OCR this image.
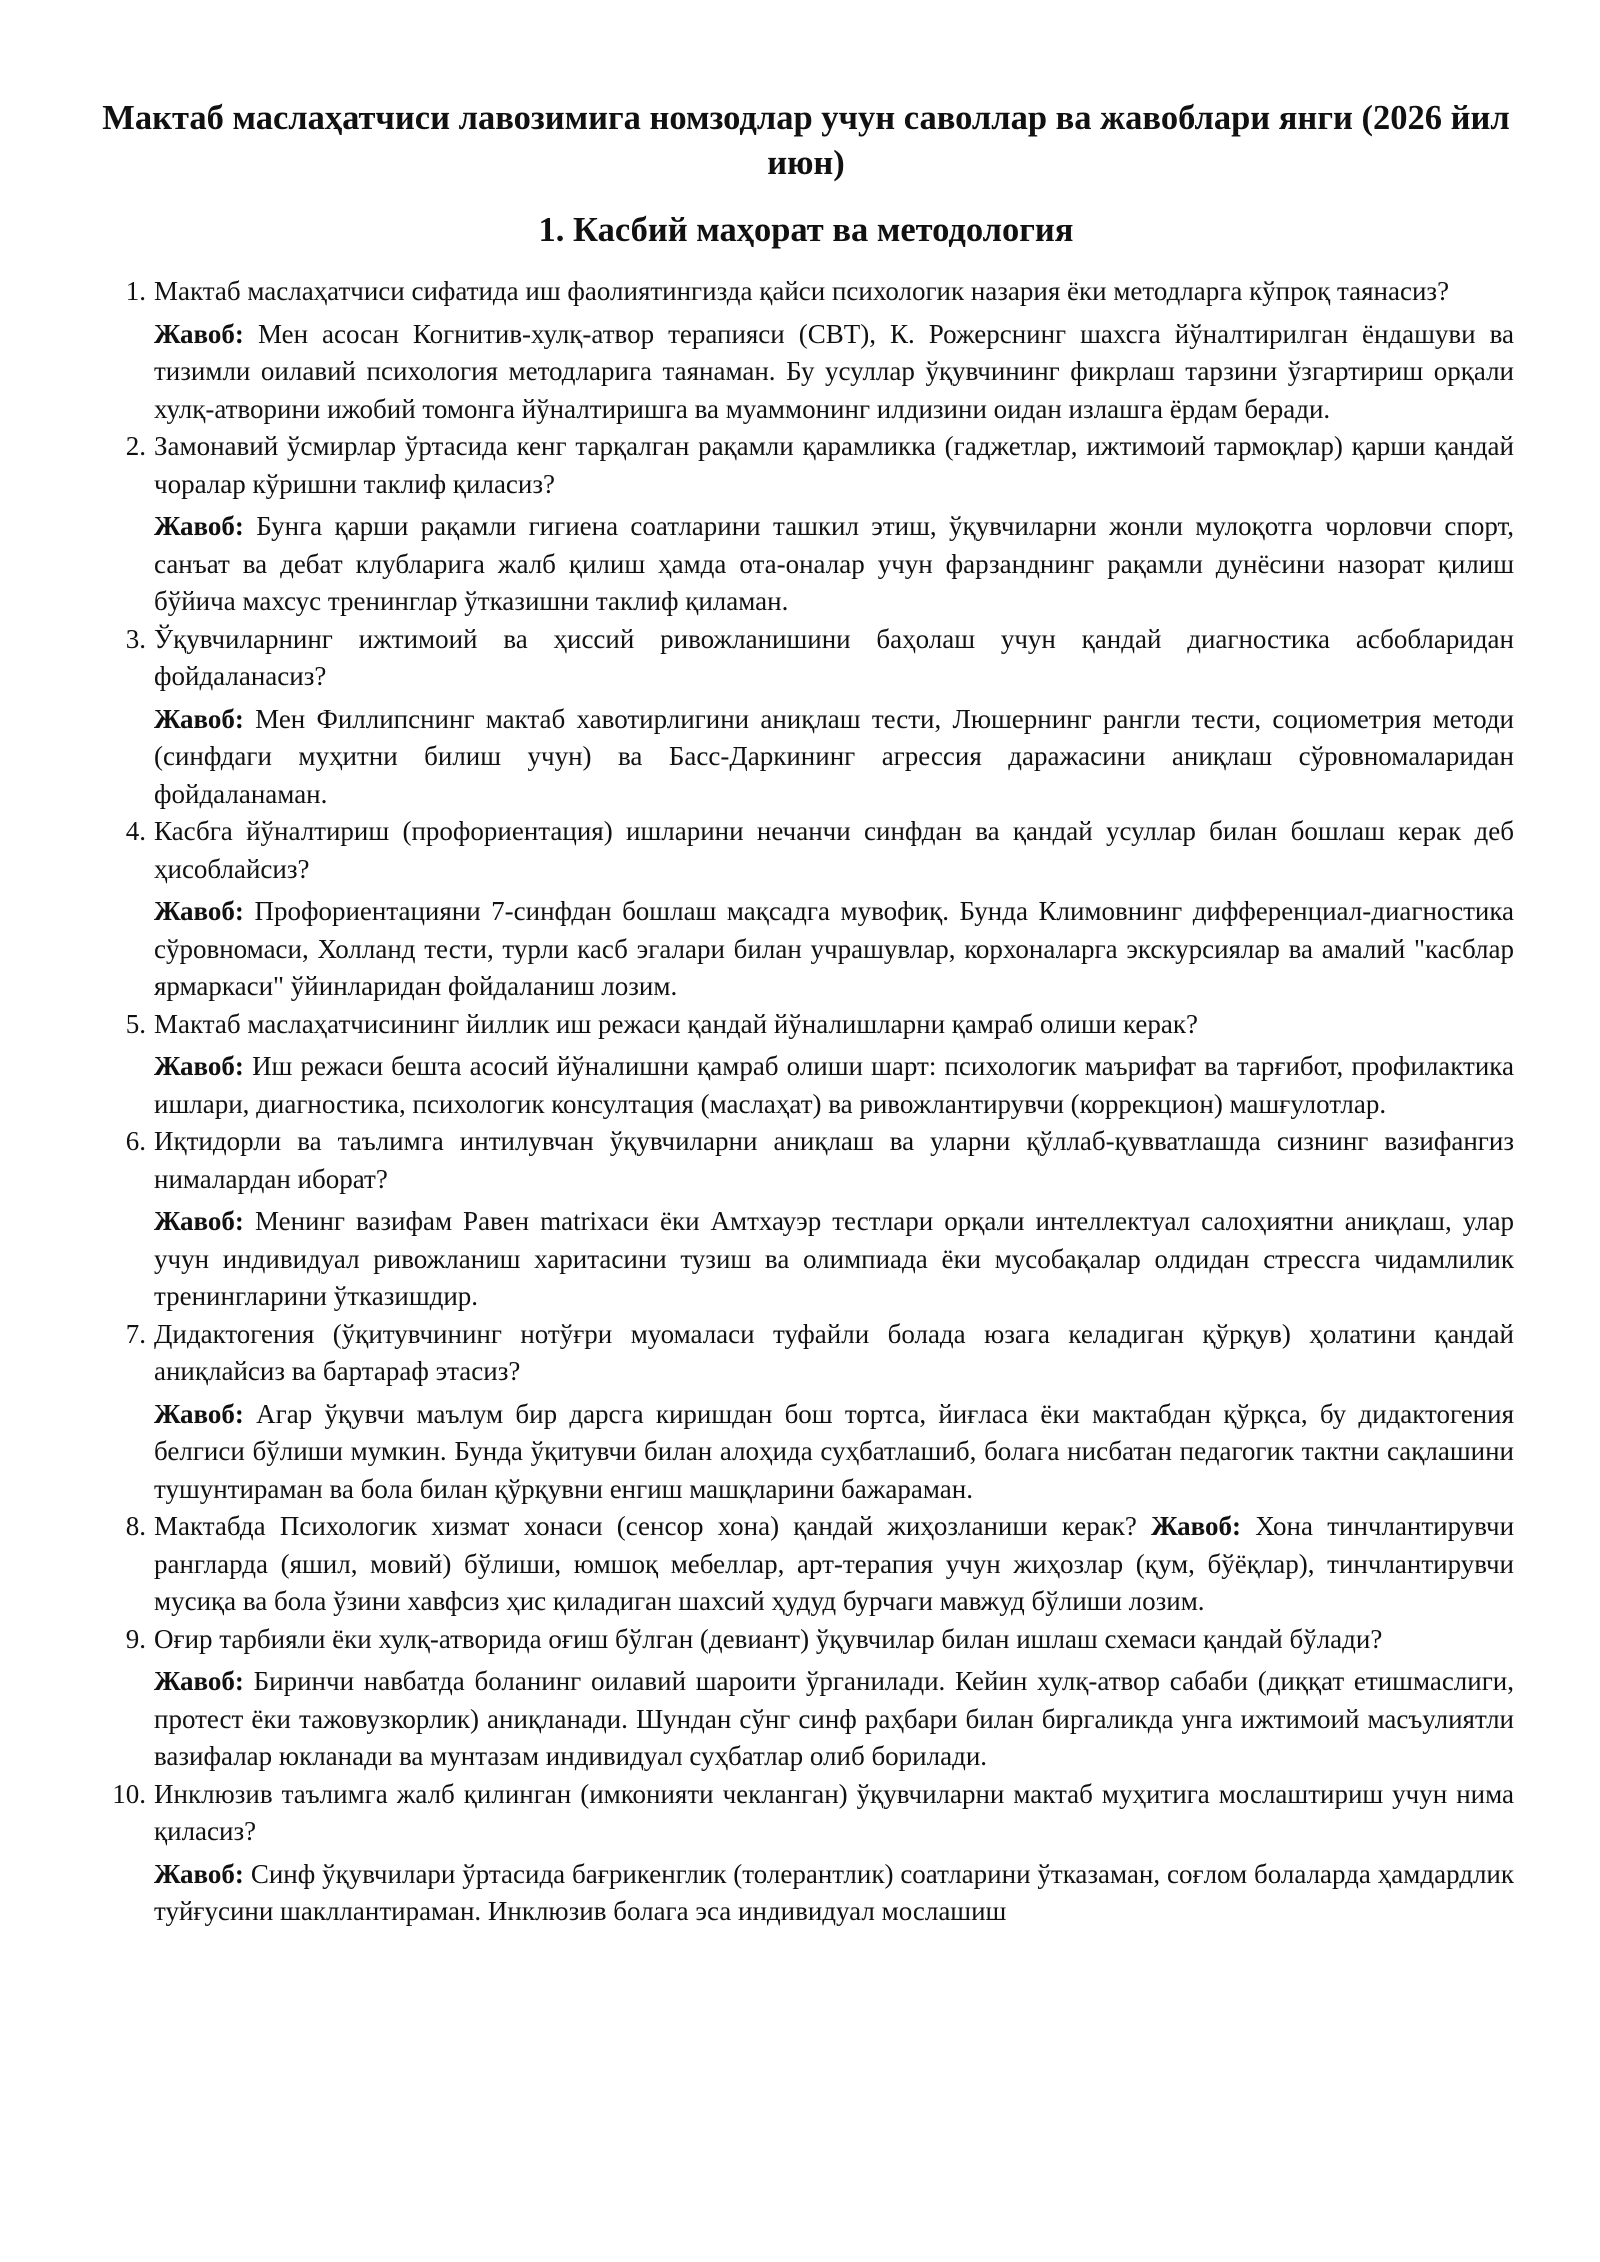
Мактаб маслаҳатчиси лавозимига номзодлар учун саволлар ва жавоблари янги (2026 йил июн)
1. Касбий маҳорат ва методология
1. Мактаб маслаҳатчиси сифатида иш фаолиятингизда қайси психологик назария ёки методларга кўпроқ таянасиз?
Жавоб: Мен асосан Когнитив-хулқ-атвор терапияси (CBT), К. Рожерснинг шахсга йўналтирилган ёндашуви ва тизимли оилавий психология методларига таянаман. Бу усуллар ўқувчининг фикрлаш тарзини ўзгартириш орқали хулқ-атворини ижобий томонга йўналтиришга ва муаммонинг илдизини оидан излашга ёрдам беради.
2. Замонавий ўсмирлар ўртасида кенг тарқалган рақамли қарамликка (гаджетлар, ижтимоий тармоқлар) қарши қандай чоралар кўришни таклиф қиласиз?
Жавоб: Бунга қарши рақамли гигиена соатларини ташкил этиш, ўқувчиларни жонли мулоқотга чорловчи спорт, санъат ва дебат клубларига жалб қилиш ҳамда ота-оналар учун фарзанднинг рақамли дунёсини назорат қилиш бўйича махсус тренинглар ўтказишни таклиф қиламан.
3. Ўқувчиларнинг ижтимоий ва ҳиссий ривожланишини баҳолаш учун қандай диагностика асбобларидан фойдаланасиз?
Жавоб: Мен Филлипснинг мактаб хавотирлигини аниқлаш тести, Люшернинг рангли тести, социометрия методи (синфдаги муҳитни билиш учун) ва Басс-Даркининг агрессия даражасини аниқлаш сўровномаларидан фойдаланаман.
4. Касбга йўналтириш (профориентация) ишларини нечанчи синфдан ва қандай усуллар билан бошлаш керак деб ҳисоблайсиз?
Жавоб: Профориентацияни 7-синфдан бошлаш мақсадга мувофиқ. Бунда Климовнинг дифференциал-диагностика сўровномаси, Холланд тести, турли касб эгалари билан учрашувлар, корхоналарга экскурсиялар ва амалий "касблар ярмаркаси" ўйинларидан фойдаланиш лозим.
5. Мактаб маслаҳатчисининг йиллик иш режаси қандай йўналишларни қамраб олиши керак?
Жавоб: Иш режаси бешта асосий йўналишни қамраб олиши шарт: психологик маърифат ва тарғибот, профилактика ишлари, диагностика, психологик консултация (маслаҳат) ва ривожлантирувчи (коррекцион) машғулотлар.
6. Иқтидорли ва таълимга интилувчан ўқувчиларни аниқлаш ва уларни қўллаб-қувватлашда сизнинг вазифангиз нималардан иборат?
Жавоб: Менинг вазифам Равен matrixаси ёки Амтхауэр тестлари орқали интеллектуал салоҳиятни аниқлаш, улар учун индивидуал ривожланиш харитасини тузиш ва олимпиада ёки мусобақалар олдидан стрессга чидамлилик тренингларини ўтказишдир.
7. Дидактогения (ўқитувчининг нотўғри муомаласи туфайли болада юзага келадиган қўрқув) ҳолатини қандай аниқлайсиз ва бартараф этасиз?
Жавоб: Агар ўқувчи маълум бир дарсга киришдан бош тортса, йиғласа ёки мактабдан қўрқса, бу дидактогения белгиси бўлиши мумкин. Бунда ўқитувчи билан алоҳида суҳбатлашиб, болага нисбатан педагогик тактни сақлашини тушунтираман ва бола билан қўрқувни енгиш машқларини бажараман.
8. Мактабда Психологик хизмат хонаси (сенсор хона) қандай жиҳозланиши керак? Жавоб: Хона тинчлантирувчи рангларда (яшил, мовий) бўлиши, юмшоқ мебеллар, арт-терапия учун жиҳозлар (қум, бўёқлар), тинчлантирувчи мусиқа ва бола ўзини хавфсиз ҳис қиладиган шахсий ҳудуд бурчаги мавжуд бўлиши лозим.
9. Оғир тарбияли ёки хулқ-атворида оғиш бўлган (девиант) ўқувчилар билан ишлаш схемаси қандай бўлади?
Жавоб: Биринчи навбатда боланинг оилавий шароити ўрганилади. Кейин хулқ-атвор сабаби (диққат етишмаслиги, протест ёки тажовузкорлик) аниқланади. Шундан сўнг синф раҳбари билан биргаликда унга ижтимоий масъулиятли вазифалар юкланади ва мунтазам индивидуал суҳбатлар олиб борилади.
10. Инклюзив таълимга жалб қилинган (имконияти чекланган) ўқувчиларни мактаб муҳитига мослаштириш учун нима қиласиз?
Жавоб: Синф ўқувчилари ўртасида бағрикенглик (толерантлик) соатларини ўтказаман, соғлом болаларда ҳамдардлик туйғусини шакллантираман. Инклюзив болага эса индивидуал мослашиш
